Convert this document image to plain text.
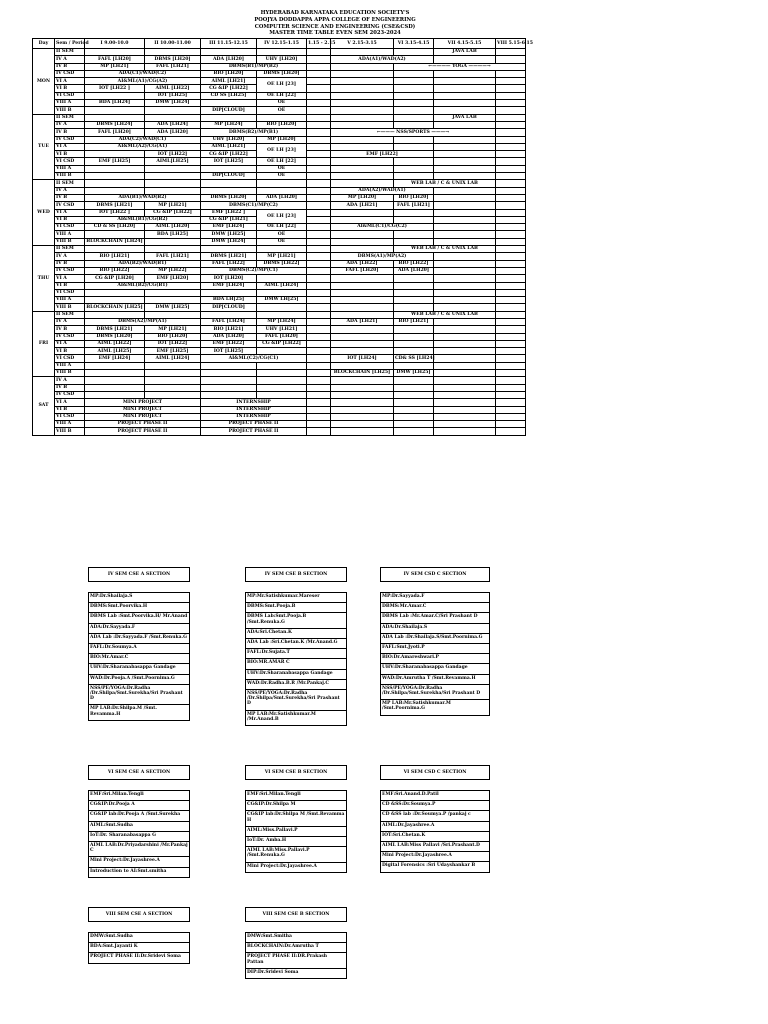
HYDERABAD KARNATAKA EDUCATION SOCIETY'S
POOJYA DODDAPPA APPA COLLEGE OF ENGINEERING
COMPUTER SCIENCE AND ENGINEERING (CSE&CSD)
MASTER TIME TABLE EVEN SEM 2023-2024
Day	Sem / Period	I 9.00-10.0	II 10.00-11.00	III 11.15-12.15	IV 12.15-1.15	1.15 - 2.15	V 2.15-3.15	VI 3.15-4.15	VII 4.15-5.15	VIII 5.15-6.15
MON	II SEM								JAVA LAB	
	IV A	FAFL [LH20]	DBMS [LH20]	ADA [LH20]	UHV [LH20]		ADA(A1)/WAD(A2)			
	IV B	MP [LH21]	FAFL [LH21]	DBMS(B1)/MP(B2)				←———— YOGA ————→		
	IV CSD	ADA(C1)/WAD(C2)		BIO [LH20]	DBMS [LH20]					
	VI A	AI&ML(A1)/CG(A2)		AIML [LH21]	OE LH [23]					
	VI B	IOT [LH22 ]	AIML [LH22]	CG &IP [LH22]						
	VI CSD		IOT [LH25]	CD SS [LH25]	OE LH [22]					
	VIII A	BDA [LH24]	DMW [LH24]		OE					
	VIII B			DIP[CLOUD]	OE					
TUE	II SEM								JAVA LAB	
	IV A	DBMS [LH24]	ADA [LH24]	MP [LH24]	BIO [LH20]					
	IV B	FAFL [LH20]	ADA [LH20]	DBMS(B2)/MP(B1)			←——— NSS/SPORTS ———→			
	IV CSD	ADA(C2)/WAD(C1)		UHV [LH20]	MP [LH20]					
	VI A	AI&ML(A2)/CG(A1)		AIML [LH21]	OE LH [23]					
	VI B		IOT [LH22]	CG &IP [LH22]			EMF [LH22]			
	VI CSD	EMF [LH25]	AIML[LH25]	IOT [LH25]	OE LH [22]					
	VIII A				OE					
	VIII B			DIP[CLOUD]	OE					
WED	II SEM							WEB LAB / C & UNIX LAB		
	IV A						ADA(A2)/WAD(A1)			
	IV B	ADA(B1)/WAD(B2)		DBMS [LH20]	ADA [LH20]		MP [LH20]	BIO [LH20]		
	IV CSD	DBMS [LH21]	MP [LH21]	DBMS(C1)/MP(C2)			ADA [LH21]	FAFL [LH21]		
	VI A	IOT [LH22 ]	CG &IP [LH22]	EMF [LH22 ]	OE LH [23]					
	VI B	AI&ML(B1)/CG(B2)		CG &IP [LH21]						
	VI CSD	CD & SS [LH20]	AIML [LH20]	EMF [LH24]	OE LH [22]		AI&ML(C1)/CG(C2)			
	VIII A		BDA [LH25]	DMW [LH25]	OE					
	VIII B	BLOCKCHAIN [LH24]		DMW [LH24]	OE					
THU	II SEM							WEB LAB / C & UNIX LAB		
	IV A	BIO [LH21]	FAFL [LH21]	DBMS [LH21]	MP [LH21]		DBMS(A1)/MP(A2)			
	IV B	ADA(B2)/WAD(B1)		FAFL [LH22]	DBMS [LH22]		ADA [LH22]	BIO [LH22]		
	IV CSD	BIO [LH22]	MP [LH22]	DBMS(C2)/MP(C1)			FAFL [LH20]	ADA [LH20]		
	VI A	CG &IP [LH20]	EMF [LH20]	IOT [LH20]						
	VI B	AI&ML(B2)/CG(B1)		EMF [LH24]	AIML [LH24]					
	VI CSD									
	VIII A			BDA LH[25]	DMW LH[25]					
	VIII B	BLOCKCHAIN [LH25]	DMW [LH25]	DIP[CLOUD]						
FRI	II SEM							WEB LAB / C & UNIX LAB		
	IV A	DBMS(A2)/MP(A1)		FAFL [LH24]	MP [LH24]		ADA [LH21]	BIO [LH21]		
	IV B	DBMS [LH21]	MP [LH21]	BIO [LH21]	UHV [LH21]					
	IV CSD	DBMS [LH20]	BIO [LH20]	ADA [LH20]	FAFL [LH20]					
	VI A	AIML [LH22]	IOT [LH22]	EMF [LH22]	CG &IP [LH22]					
	VI B	AIML [LH25]	EMF [LH25]	IOT [LH25]						
	VI CSD	EMF [LH24]	AIML [LH24]	AI&ML(C2)/CG(C1)			IOT [LH24]	CD& SS [LH24]		
	VIII A									
	VIII B						BLOCKCHAIN [LH25]	DMW [LH25]		
SAT	IV A									
	IV B									
	IV CSD									
	VI A	MINI PROJECT		INTERNSHIP						
	VI B	MINI PROJECT		INTERNSHIP						
	VI CSD	MINI PROJECT		INTERNSHIP						
	VIII A	PROJECT PHASE II		PROJECT PHASE II						
	VIII B	PROJECT PHASE II		PROJECT PHASE II						
IV SEM CSE A SECTION
MP:Dr.Shailaja.S
DBMS:Smt.Poorvika.H
DBMS Lab :Smt.Poorvika.H/ Mr.Anand
ADA:Dr.Sayyada.F
ADA Lab :Dr.Sayyada.F /Smt.Renuka.G
FAFL:Dr.Soumya.A
BIO:Mr.Amar.C
UHV:Dr.Sharanabasappa Gandage
WAD:Dr.Pooja.A /Smt.Poornima.G
NSS/PE/YOGA:Dr.Radha /Dr.Shilpa/Smt.Surekha/Sri Prashant D
MP LAB:Dr.Shilpa.M /Smt. Revamma.H
IV SEM CSE B SECTION
MP:Mr.Satishkumar.Mareser
DBMS:Smt.Pooja.B
DBMS Lab:Smt.Pooja.B /Smt.Renuka.G
ADA:Sri.Chetan.K
ADA Lab :Sri.Chetan.K /Mr.Anand.G
FAFL:Dr.Sujata.T
BIO:MR.AMAR C
UHV:Dr.Sharanabasappa Gandage
WAD:Dr.Radha.B.R /Mr.Pankaj.C
NSS/PE/YOGA:Dr.Radha /Dr.Shilpa/Smt.Surekha/Sri Prashant D
MP LAB:Mr.Satishkumar.M /Mr.Anand.B
IV SEM CSD C SECTION
MP:Dr.Sayyada.F
DBMS:Mr.Amar.C
DBMS Lab :Mr.Amar.C/Sri Prashant D
ADA:Dr.Shailaja.S
ADA Lab :Dr.Shailaja.S/Smt.Poornima.G
FAFL:Smt.Jyoti.P
BIO:Dr.Amareshwari.P
UHV:Dr.Sharanabasappa Gandage
WAD:Dr.Amrutha T /Smt.Revamma.H
NSS/PE/YOGA:Dr.Radha /Dr.Shilpa/Smt.Surekha/Sri Prashant D
MP LAB:Mr.Satishkumar.M /Smt.Poornima.G
VI SEM CSE A SECTION
EMF:Sri.Milan.Tengli
CG&IP:Dr.Pooja A
CG&IP lab:Dr.Pooja A /Smt.Surekha
AIML:Smt.Sudha
IoT:Dr. Sharanabasappa G
AIML LAB:Dr.Priyadarshini /Mr.Pankaj C
Mini Project:Dr.Jayashree.A
Introduction to AI:Smt.smitha
VI SEM CSE B SECTION
EMF:Sri.Milan.Tengli
CG&IP:Dr.Shilpa M
CG&IP lab:Dr.Shilpa M /Smt.Revamma H
AIML:Miss.Pallavi.P
IoT:Dr. Amba.H
AIML LAB:Miss.Pallavi.P /Smt.Renuka.G
Mini Project:Dr.Jayashree.A
VI SEM CSD C SECTION
EMF:Sri.Anand.D.Patil
CD &SS:Dr.Soumya.P
CD &SS lab :Dr.Soumya.P /pankaj c
AIML:Dr.Jayashree.A
IOT:Sri.Chetan.K
AIML LAB:Miss Pallavi /Sri.Prashant.D
Mini Project:Dr.Jayashree.A
Digital Forensics :Sri Udayshankar B
VIII SEM CSE A SECTION
DMW:Smt.Sudha
BDA:Smt.Jayanti K
PROJECT PHASE II:Dr.Sridevi Soma
VIII SEM CSE B SECTION
DMW:Smt.Smitha
BLOCKCHAIN:Dr.Amrutha T
PROJECT PHASE II:DR.Prakash Pattan
DIP:Dr.Sridevi Soma
